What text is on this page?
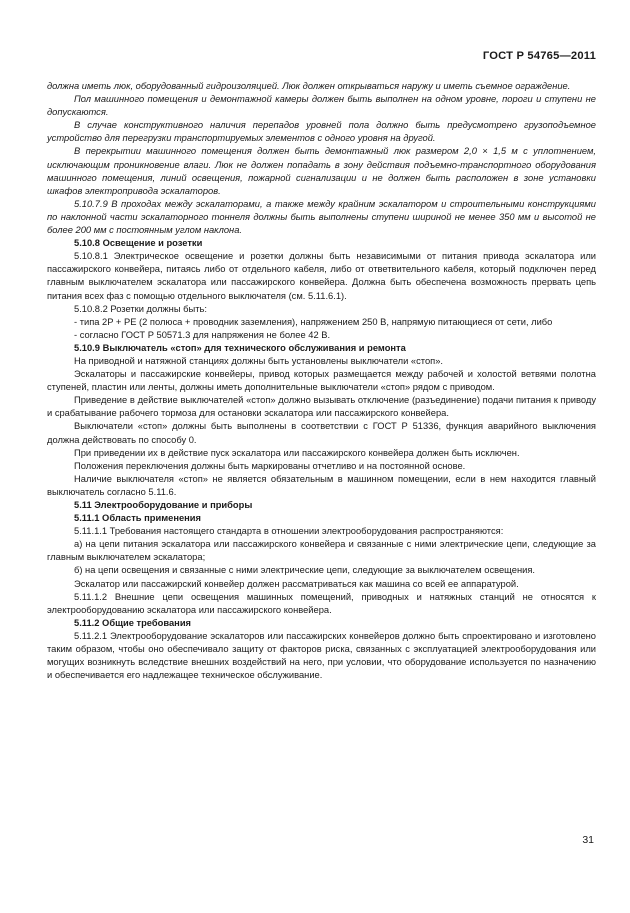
ГОСТ Р 54765—2011

должна иметь люк, оборудованный гидроизоляцией. Люк должен открываться наружу и иметь съемное ограждение.

Пол машинного помещения и демонтажной камеры должен быть выполнен на одном уровне, пороги и ступени не допускаются.

В случае конструктивного наличия перепадов уровней пола должно быть предусмотрено грузоподъемное устройство для перегрузки транспортируемых элементов с одного уровня на другой.

В перекрытии машинного помещения должен быть демонтажный люк размером 2,0 × 1,5 м с уплотнением, исключающим проникновение влаги. Люк не должен попадать в зону действия подъемно-транспортного оборудования машинного помещения, линий освещения, пожарной сигнализации и не должен быть расположен в зоне установки шкафов электропривода эскалаторов.

5.10.7.9 В проходах между эскалаторами, а также между крайним эскалатором и строительными конструкциями по наклонной части эскалаторного тоннеля должны быть выполнены ступени шириной не менее 350 мм и высотой не более 200 мм с постоянным углом наклона.

5.10.8 Освещение и розетки

5.10.8.1 Электрическое освещение и розетки должны быть независимыми от питания привода эскалатора или пассажирского конвейера, питаясь либо от отдельного кабеля, либо от ответвительного кабеля, который подключен перед главным выключателем эскалатора или пассажирского конвейера. Должна быть обеспечена возможность прервать цепь питания всех фаз с помощью отдельного выключателя (см. 5.11.6.1).

5.10.8.2 Розетки должны быть:

- типа 2P + PE (2 полюса + проводник заземления), напряжением 250 В, напрямую питающиеся от сети, либо

- согласно ГОСТ Р 50571.3 для напряжения не более 42 В.

5.10.9 Выключатель «стоп» для технического обслуживания и ремонта

На приводной и натяжной станциях должны быть установлены выключатели «стоп».

Эскалаторы и пассажирские конвейеры, привод которых размещается между рабочей и холостой ветвями полотна ступеней, пластин или ленты, должны иметь дополнительные выключатели «стоп» рядом с приводом.

Приведение в действие выключателей «стоп» должно вызывать отключение (разъединение) подачи питания к приводу и срабатывание рабочего тормоза для остановки эскалатора или пассажирского конвейера.

Выключатели «стоп» должны быть выполнены в соответствии с ГОСТ Р 51336, функция аварийного выключения должна действовать по способу 0.

При приведении их в действие пуск эскалатора или пассажирского конвейера должен быть исключен.

Положения переключения должны быть маркированы отчетливо и на постоянной основе.

Наличие выключателя «стоп» не является обязательным в машинном помещении, если в нем находится главный выключатель согласно 5.11.6.

5.11 Электрооборудование и приборы

5.11.1 Область применения

5.11.1.1 Требования настоящего стандарта в отношении электрооборудования распространяются:

а) на цепи питания эскалатора или пассажирского конвейера и связанные с ними электрические цепи, следующие за главным выключателем эскалатора;

б) на цепи освещения и связанные с ними электрические цепи, следующие за выключателем освещения.

Эскалатор или пассажирский конвейер должен рассматриваться как машина со всей ее аппаратурой.

5.11.1.2 Внешние цепи освещения машинных помещений, приводных и натяжных станций не относятся к электрооборудованию эскалатора или пассажирского конвейера.

5.11.2 Общие требования

5.11.2.1 Электрооборудование эскалаторов или пассажирских конвейеров должно быть спроектировано и изготовлено таким образом, чтобы оно обеспечивало защиту от факторов риска, связанных с эксплуатацией электрооборудования или могущих возникнуть вследствие внешних воздействий на него, при условии, что оборудование используется по назначению и обеспечивается его надлежащее техническое обслуживание.

31
